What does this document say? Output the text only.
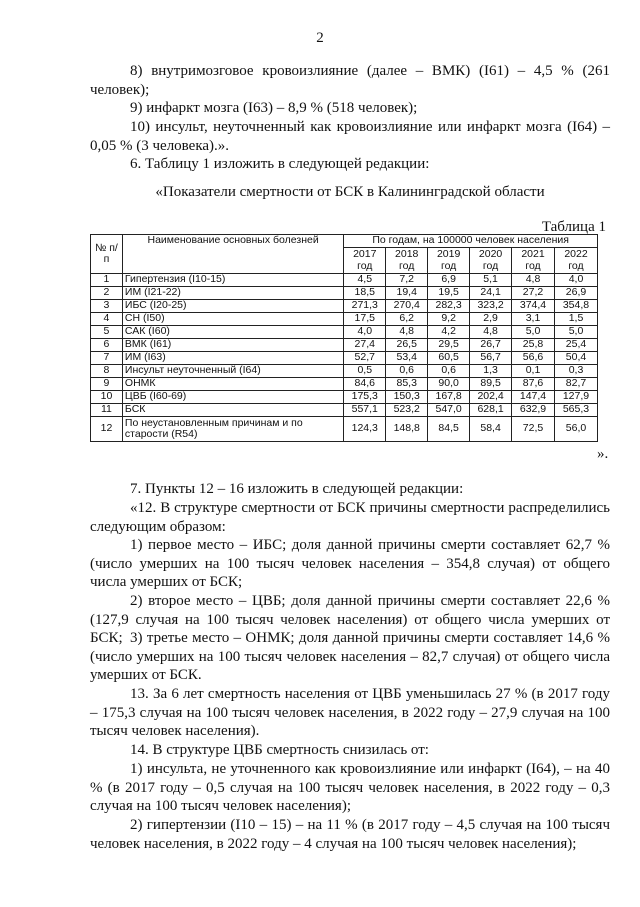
2

8) внутримозговое кровоизлияние (далее – ВМК) (I61) – 4,5 % (261 человек);

9) инфаркт мозга (I63) – 8,9 % (518 человек);

10) инсульт, неуточненный как кровоизлияние или инфаркт мозга (I64) – 0,05 % (3 человека).».

6. Таблицу 1 изложить в следующей редакции:

«Показатели смертности от БСК в Калининградской области
Таблица 1
№ п/п	Наименование основных болезней	По годам, на 100000 человек населения					
		2017 год	2018 год	2019 год	2020 год	2021 год	2022 год
1	Гипертензия (I10-15)	4,5	7,2	6,9	5,1	4,8	4,0
2	ИМ (I21-22)	18,5	19,4	19,5	24,1	27,2	26,9
3	ИБС (I20-25)	271,3	270,4	282,3	323,2	374,4	354,8
4	СН (I50)	17,5	6,2	9,2	2,9	3,1	1,5
5	САК (I60)	4,0	4,8	4,2	4,8	5,0	5,0
6	ВМК (I61)	27,4	26,5	29,5	26,7	25,8	25,4
7	ИМ (I63)	52,7	53,4	60,5	56,7	56,6	50,4
8	Инсульт неуточненный (I64)	0,5	0,6	0,6	1,3	0,1	0,3
9	ОНМК	84,6	85,3	90,0	89,5	87,6	82,7
10	ЦВБ (I60-69)	175,3	150,3	167,8	202,4	147,4	127,9
11	БСК	557,1	523,2	547,0	628,1	632,9	565,3
12	По неустановленным причинам и по старости (R54)	124,3	148,8	84,5	58,4	72,5	56,0
».

7. Пункты 12 – 16 изложить в следующей редакции:

«12. В структуре смертности от БСК причины смертности распределились следующим образом:

1) первое место – ИБС; доля данной причины смерти составляет 62,7 % (число умерших на 100 тысяч человек населения – 354,8 случая) от общего числа умерших от БСК;

2) второе место – ЦВБ; доля данной причины смерти составляет 22,6 % (127,9 случая на 100 тысяч человек населения) от общего числа умерших от БСК; 3) третье место – ОНМК; доля данной причины смерти составляет 14,6 % (число умерших на 100 тысяч человек населения – 82,7 случая) от общего числа умерших от БСК.

13. За 6 лет смертность населения от ЦВБ уменьшилась 27 % (в 2017 году – 175,3 случая на 100 тысяч человек населения, в 2022 году – 27,9 случая на 100 тысяч человек населения).

14. В структуре ЦВБ смертность снизилась от:

1) инсульта, не уточненного как кровоизлияние или инфаркт (I64), – на 40 % (в 2017 году – 0,5 случая на 100 тысяч человек населения, в 2022 году – 0,3 случая на 100 тысяч человек населения);

2) гипертензии (I10 – 15) – на 11 % (в 2017 году – 4,5 случая на 100 тысяч человек населения, в 2022 году – 4 случая на 100 тысяч человек населения);
